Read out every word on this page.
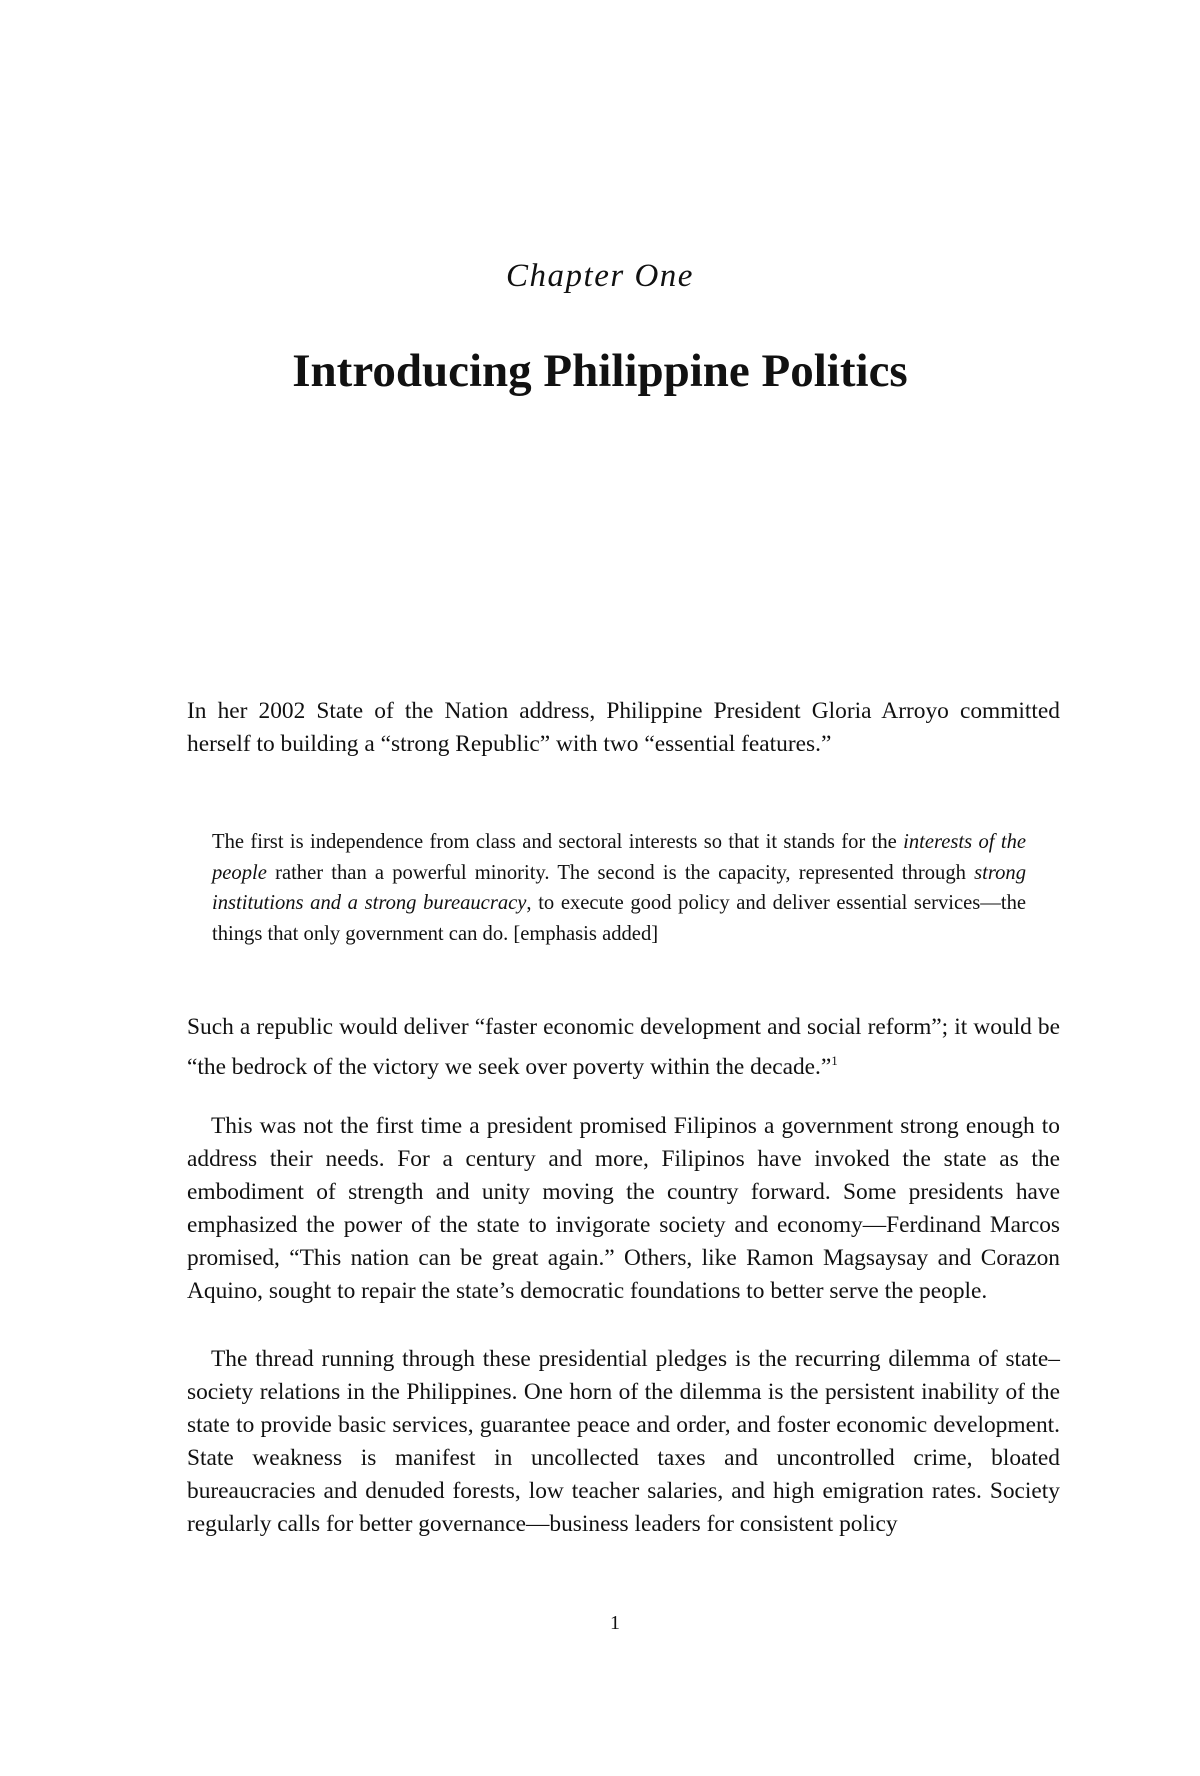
Chapter One
Introducing Philippine Politics

In her 2002 State of the Nation address, Philippine President Gloria Arroyo committed herself to building a “strong Republic” with two “essential features.”

The first is independence from class and sectoral interests so that it stands for the interests of the people rather than a powerful minority. The second is the capacity, represented through strong institutions and a strong bureaucracy, to execute good policy and deliver essential services—the things that only government can do. [emphasis added]

Such a republic would deliver “faster economic development and social reform”; it would be “the bedrock of the victory we seek over poverty within the decade.”$^1$

This was not the first time a president promised Filipinos a government strong enough to address their needs. For a century and more, Filipinos have invoked the state as the embodiment of strength and unity moving the country forward. Some presidents have emphasized the power of the state to invigorate society and economy—Ferdinand Marcos promised, “This nation can be great again.” Others, like Ramon Magsaysay and Corazon Aquino, sought to repair the state’s democratic foundations to better serve the people.

The thread running through these presidential pledges is the recurring dilemma of state–society relations in the Philippines. One horn of the dilemma is the persistent inability of the state to provide basic services, guarantee peace and order, and foster economic development. State weakness is manifest in uncollected taxes and uncontrolled crime, bloated bureaucracies and denuded forests, low teacher salaries, and high emigration rates. Society regularly calls for better governance—business leaders for consistent policy

1
